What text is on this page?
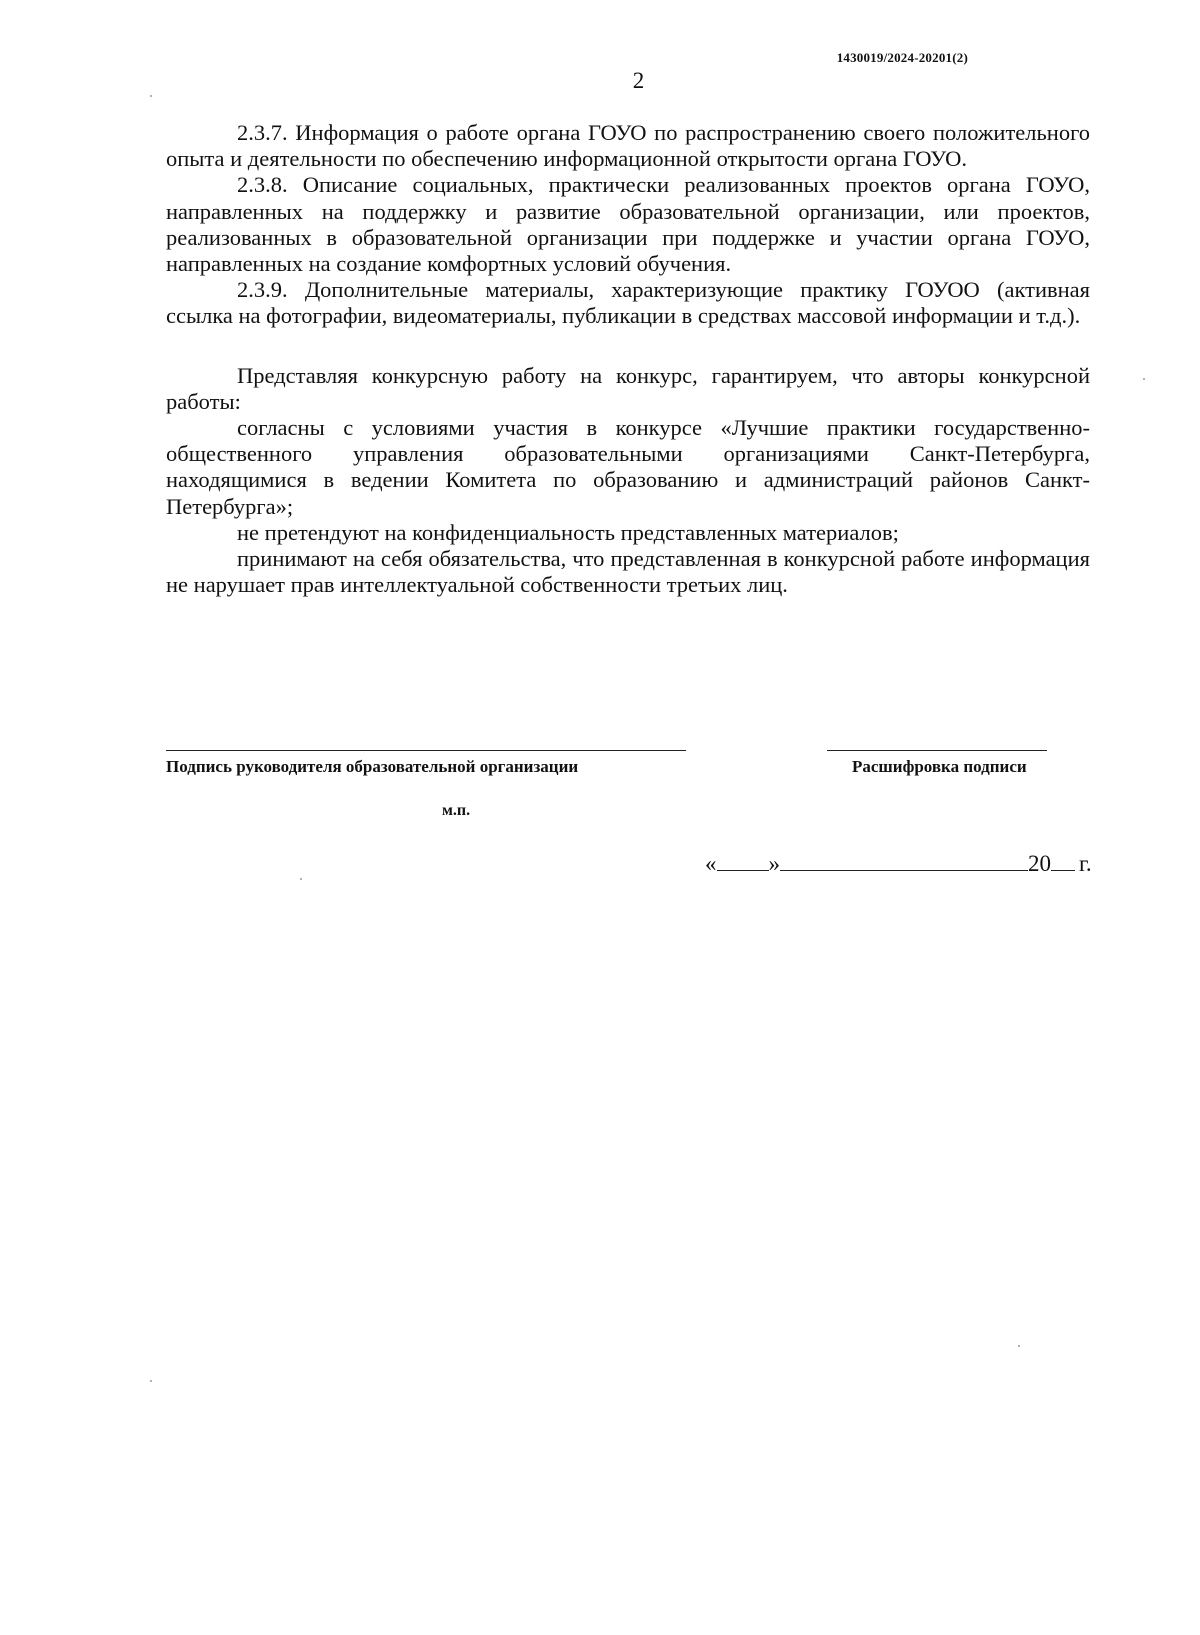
1430019/2024-20201(2)
2

2.3.7. Информация о работе органа ГОУО по распространению своего положительного опыта и деятельности по обеспечению информационной открытости органа ГОУО.

2.3.8. Описание социальных, практически реализованных проектов органа ГОУО, направленных на поддержку и развитие образовательной организации, или проектов, реализованных в образовательной организации при поддержке и участии органа ГОУО, направленных на создание комфортных условий обучения.

2.3.9. Дополнительные материалы, характеризующие практику ГОУОО (активная ссылка на фотографии, видеоматериалы, публикации в средствах массовой информации и т.д.).

Представляя конкурсную работу на конкурс, гарантируем, что авторы конкурсной работы:

согласны с условиями участия в конкурсе «Лучшие практики государственно-общественного управления образовательными организациями Санкт-Петербурга, находящимися в ведении Комитета по образованию и администраций районов Санкт-Петербурга»;

не претендуют на конфиденциальность представленных материалов;

принимают на себя обязательства, что представленная в конкурсной работе информация не нарушает прав интеллектуальной собственности третьих лиц.

Подпись руководителя образовательной организации	Расшифровка подписи
м.п.
« »	20 г.
